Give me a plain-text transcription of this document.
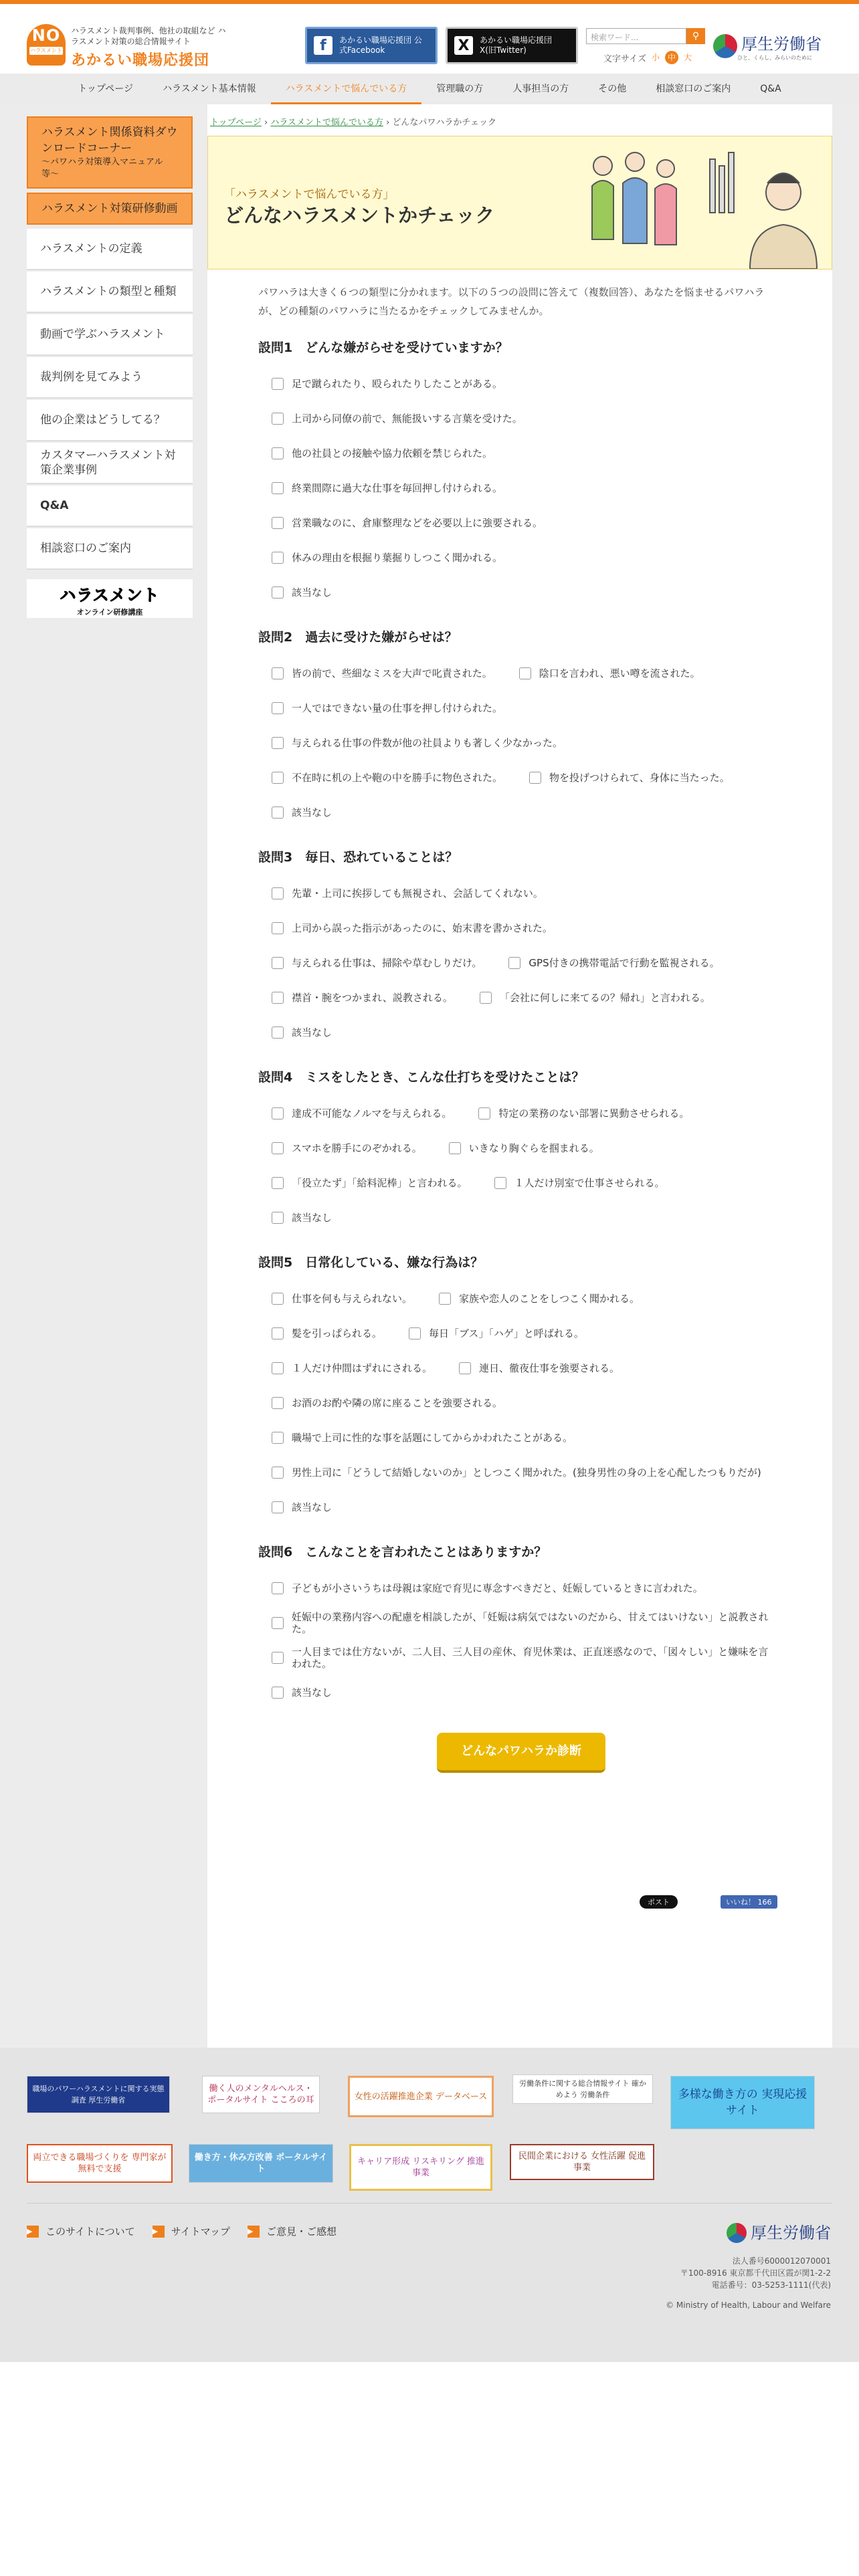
NO
ハラスメント
ハラスメント裁判事例、他社の取組など ハラスメント対策の総合情報サイト
あかるい職場応援団
f	あかるい職場応援団 公式Facebook	X	あかるい職場応援団 X(旧Twitter)
検索ワード...	⚲
文字サイズ 小 中 大
厚生労働省
ひと、くらし、みらいのために
トップページ	ハラスメント基本情報	ハラスメントで悩んでいる方	管理職の方	人事担当の方	その他	相談窓口のご案内	Q&A
ハラスメント関係資料ダウンロードコーナー
〜パワハラ対策導入マニュアル等〜
ハラスメント対策研修動画
ハラスメントの定義
ハラスメントの類型と種類
動画で学ぶハラスメント
裁判例を見てみよう
他の企業はどうしてる？
カスタマーハラスメント対策企業事例
Q&A
相談窓口のご案内
ハラスメント
オンライン研修講座
トップページ › ハラスメントで悩んでいる方 › どんなパワハラかチェック
「ハラスメントで悩んでいる方」
どんなハラスメントかチェック

パワハラは大きく６つの類型に分かれます。以下の５つの設問に答えて（複数回答）、あなたを悩ませるパワハラが、どの種類のパワハラに当たるかをチェックしてみませんか。

設問1　どんな嫌がらせを受けていますか？
足で蹴られたり、殴られたりしたことがある。
上司から同僚の前で、無能扱いする言葉を受けた。
他の社員との接触や協力依頼を禁じられた。
終業間際に過大な仕事を毎回押し付けられる。
営業職なのに、倉庫整理などを必要以上に強要される。
休みの理由を根掘り葉掘りしつこく聞かれる。
該当なし
設問2　過去に受けた嫌がらせは？
皆の前で、些細なミスを大声で叱責された。	陰口を言われ、悪い噂を流された。
一人ではできない量の仕事を押し付けられた。
与えられる仕事の件数が他の社員よりも著しく少なかった。
不在時に机の上や鞄の中を勝手に物色された。	物を投げつけられて、身体に当たった。
該当なし
設問3　毎日、恐れていることは？
先輩・上司に挨拶しても無視され、会話してくれない。
上司から誤った指示があったのに、始末書を書かされた。
与えられる仕事は、掃除や草むしりだけ。	GPS付きの携帯電話で行動を監視される。
襟首・腕をつかまれ、説教される。	「会社に何しに来てるの？帰れ」と言われる。
該当なし
設問4　ミスをしたとき、こんな仕打ちを受けたことは？
達成不可能なノルマを与えられる。	特定の業務のない部署に異動させられる。
スマホを勝手にのぞかれる。	いきなり胸ぐらを掴まれる。
「役立たず」「給料泥棒」と言われる。	１人だけ別室で仕事させられる。
該当なし
設問5　日常化している、嫌な行為は？
仕事を何も与えられない。	家族や恋人のことをしつこく聞かれる。
髪を引っぱられる。	毎日「ブス」「ハゲ」と呼ばれる。
１人だけ仲間はずれにされる。	連日、徹夜仕事を強要される。
お酒のお酌や隣の席に座ることを強要される。
職場で上司に性的な事を話題にしてからかわれたことがある。
男性上司に「どうして結婚しないのか」としつこく聞かれた。(独身男性の身の上を心配したつもりだが)
該当なし
設問6　こんなことを言われたことはありますか？
子どもが小さいうちは母親は家庭で育児に専念すべきだと、妊娠しているときに言われた。
妊娠中の業務内容への配慮を相談したが、「妊娠は病気ではないのだから、甘えてはいけない」と説教された。
一人目までは仕方ないが、二人目、三人目の産休、育児休業は、正直迷惑なので、「図々しい」と嫌味を言われた。
該当なし
どんなパワハラか診断
ポスト	いいね！ 166
職場のパワーハラスメントに関する実態調査 厚生労働省
働く人のメンタルヘルス・ポータルサイト こころの耳	女性の活躍推進企業 データベース
労働条件に関する総合情報サイト 確かめよう 労働条件	多様な働き方の 実現応援サイト
両立できる職場づくりを 専門家が無料で支援
働き方・休み方改善 ポータルサイト
キャリア形成 リスキリング 推進事業
民間企業における 女性活躍 促進事業
▶	このサイトについて ▶	サイトマップ ▶	ご意見・ご感想	厚生労働省
法人番号6000012070001
〒100-8916 東京都千代田区霞が関1-2-2
電話番号：03-5253-1111(代表)
© Ministry of Health, Labour and Welfare
